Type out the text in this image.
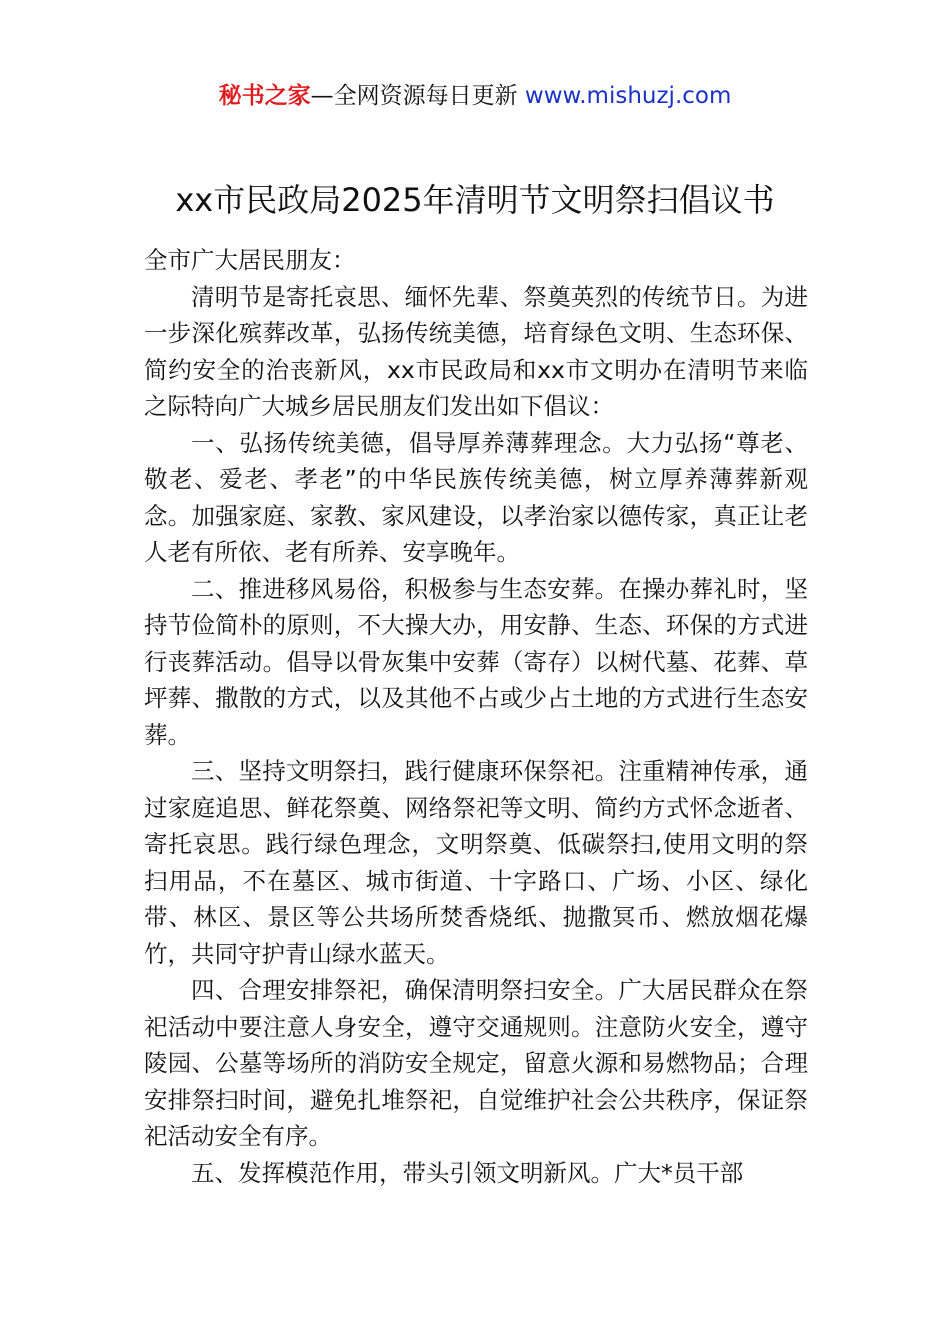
秘书之家—全网资源每日更新 www.mishuzj.com
xx市民政局2025年清明节文明祭扫倡议书

全市广大居民朋友：

清明节是寄托哀思、缅怀先辈、祭奠英烈的传统节日。为进一步深化殡葬改革，弘扬传统美德，培育绿色文明、生态环保、简约安全的治丧新风，xx市民政局和xx市文明办在清明节来临之际特向广大城乡居民朋友们发出如下倡议：

一、弘扬传统美德，倡导厚养薄葬理念。大力弘扬“尊老、敬老、爱老、孝老”的中华民族传统美德，树立厚养薄葬新观念。加强家庭、家教、家风建设，以孝治家以德传家，真正让老人老有所依、老有所养、安享晚年。

二、推进移风易俗，积极参与生态安葬。在操办葬礼时，坚持节俭简朴的原则，不大操大办，用安静、生态、环保的方式进行丧葬活动。倡导以骨灰集中安葬（寄存）以树代墓、花葬、草坪葬、撒散的方式，以及其他不占或少占土地的方式进行生态安葬。

三、坚持文明祭扫，践行健康环保祭祀。注重精神传承，通过家庭追思、鲜花祭奠、网络祭祀等文明、简约方式怀念逝者、寄托哀思。践行绿色理念，文明祭奠、低碳祭扫,使用文明的祭扫用品，不在墓区、城市街道、十字路口、广场、小区、绿化带、林区、景区等公共场所焚香烧纸、抛撒冥币、燃放烟花爆竹，共同守护青山绿水蓝天。

四、合理安排祭祀，确保清明祭扫安全。广大居民群众在祭祀活动中要注意人身安全，遵守交通规则。注意防火安全，遵守陵园、公墓等场所的消防安全规定，留意火源和易燃物品；合理安排祭扫时间，避免扎堆祭祀，自觉维护社会公共秩序，保证祭祀活动安全有序。

五、发挥模范作用，带头引领文明新风。广大*员干部
